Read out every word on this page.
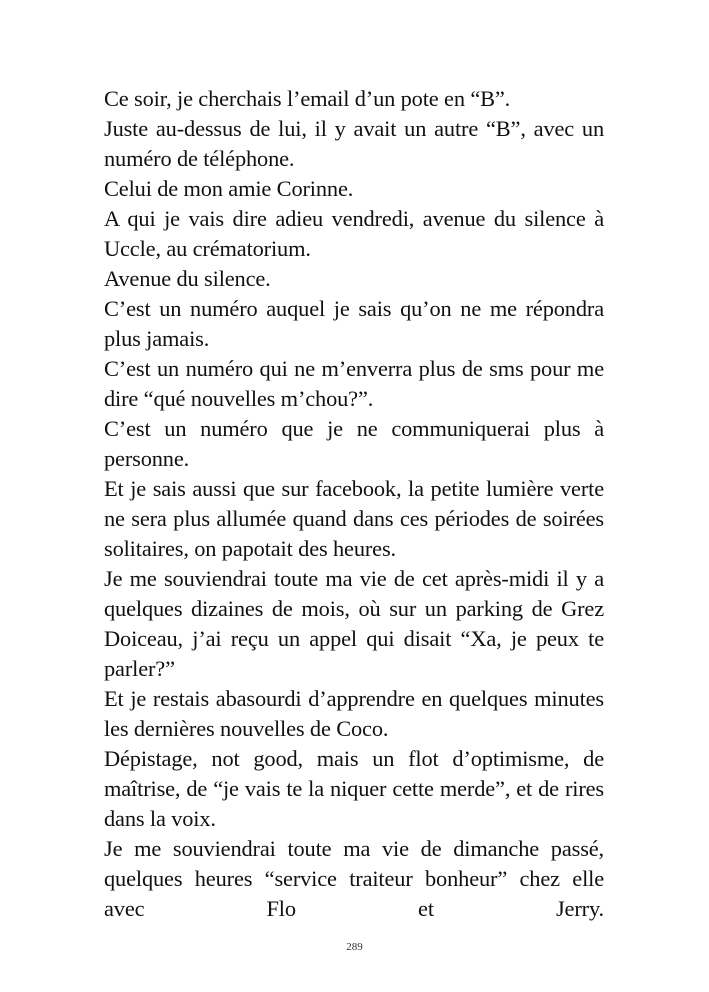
Ce soir, je cherchais l’email d’un pote en “B”.

Juste au-dessus de lui, il y avait un autre “B”, avec un numéro de téléphone.

Celui de mon amie Corinne.

A qui je vais dire adieu vendredi, avenue du silence à Uccle, au crématorium.

Avenue du silence.

C’est un numéro auquel je sais qu’on ne me répondra plus jamais.

C’est un numéro qui ne m’enverra plus de sms pour me dire “qué nouvelles m’chou?”.

C’est un numéro que je ne communiquerai plus à personne.

Et je sais aussi que sur facebook, la petite lumière verte ne sera plus allumée quand dans ces périodes de soirées solitaires, on papotait des heures.

Je me souviendrai toute ma vie de cet après-midi il y a quelques dizaines de mois, où sur un parking de Grez Doiceau, j’ai reçu un appel qui disait “Xa, je peux te parler?”

Et je restais abasourdi d’apprendre en quelques minutes les dernières nouvelles de Coco.

Dépistage, not good, mais un flot d’optimisme, de maîtrise, de “je vais te la niquer cette merde”, et de rires dans la voix.

Je me souviendrai toute ma vie de dimanche passé, quelques heures “service traiteur bonheur” chez elle avec Flo et Jerry.

289
